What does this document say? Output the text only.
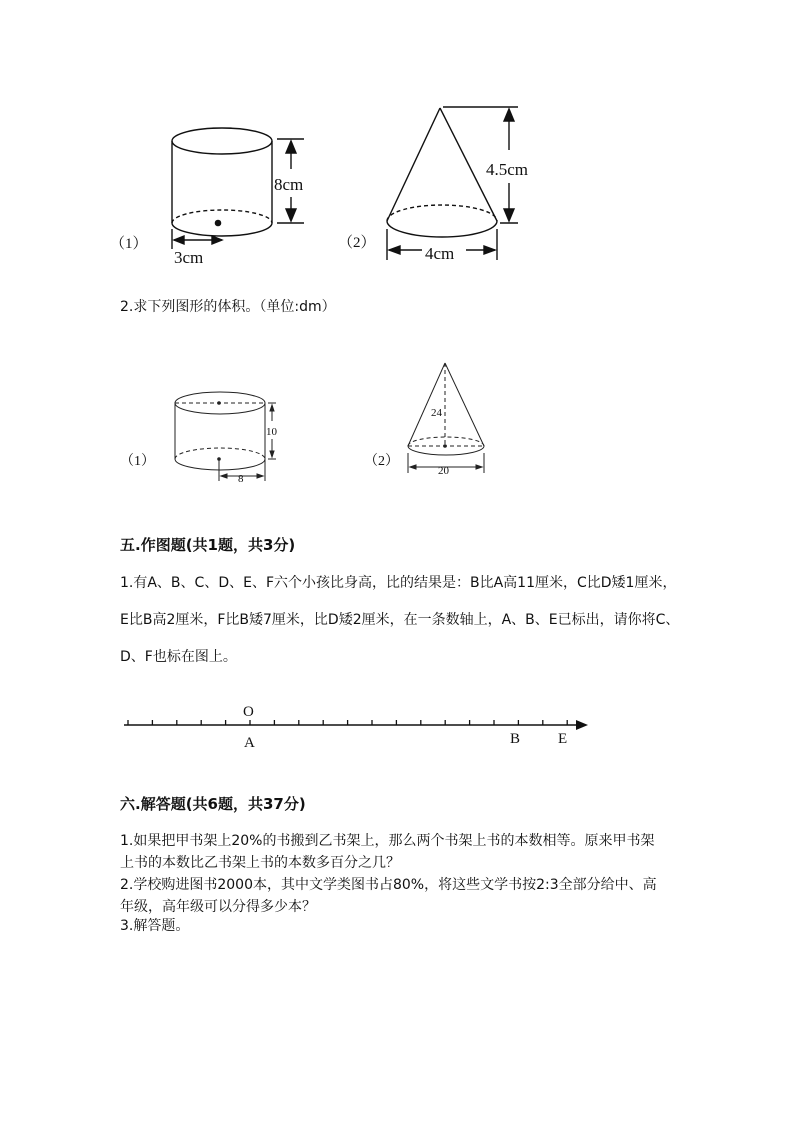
8cm
3cm
（1）
4.5cm
4cm
（2）
2.求下列图形的体积。（单位:dm）
10
8
（1）
24
20
（2）
五.作图题(共1题，共3分)
1.有A、B、C、D、E、F六个小孩比身高，比的结果是：B比A高11厘米，C比D矮1厘米，E比B高2厘米，F比B矮7厘米，比D矮2厘米，在一条数轴上，A、B、E已标出，请你将C、D、F也标在图上。
O
A	B	E
六.解答题(共6题，共37分)
1.如果把甲书架上20%的书搬到乙书架上，那么两个书架上书的本数相等。原来甲书架上书的本数比乙书架上书的本数多百分之几？
2.学校购进图书2000本，其中文学类图书占80%，将这些文学书按2:3全部分给中、高年级，高年级可以分得多少本？
3.解答题。
